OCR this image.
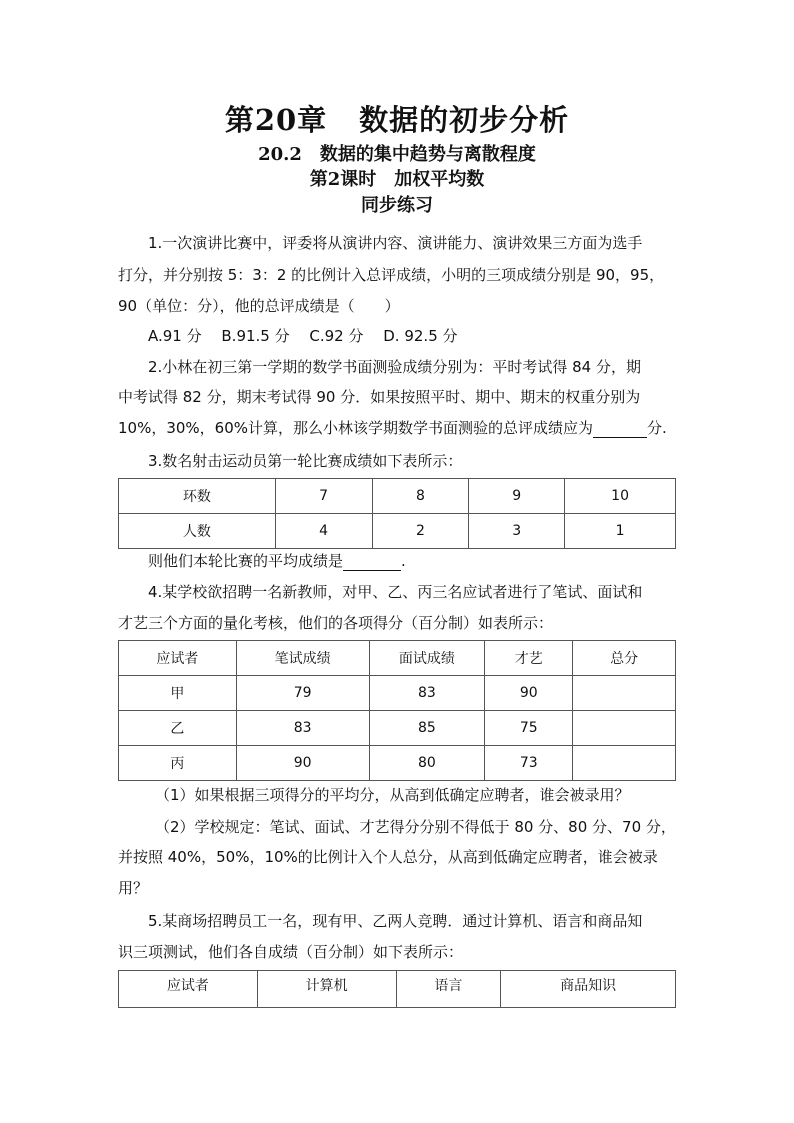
第20章 数据的初步分析
20.2 数据的集中趋势与离散程度
第2课时 加权平均数
同步练习
1.一次演讲比赛中，评委将从演讲内容、演讲能力、演讲效果三方面为选手
打分，并分别按 5：3：2 的比例计入总评成绩，小明的三项成绩分别是 90，95，
90（单位：分），他的总评成绩是（　　）
A.91 分　 B.91.5 分　 C.92 分　 D. 92.5 分
2.小林在初三第一学期的数学书面测验成绩分别为：平时考试得 84 分，期
中考试得 82 分，期末考试得 90 分．如果按照平时、期中、期末的权重分别为
10%，30%，60%计算，那么小林该学期数学书面测验的总评成绩应为	分.
3.数名射击运动员第一轮比赛成绩如下表所示：
环数	7	8	9	10
人数	4	2	3	1
则他们本轮比赛的平均成绩是	.
4.某学校欲招聘一名新教师，对甲、乙、丙三名应试者进行了笔试、面试和
才艺三个方面的量化考核，他们的各项得分（百分制）如表所示：
应试者	笔试成绩	面试成绩	才艺	总分
甲	79	83	90	
乙	83	85	75	
丙	90	80	73	
（1）如果根据三项得分的平均分，从高到低确定应聘者，谁会被录用？
（2）学校规定：笔试、面试、才艺得分分别不得低于 80 分、80 分、70 分，
并按照 40%，50%，10%的比例计入个人总分，从高到低确定应聘者，谁会被录
用？
5.某商场招聘员工一名，现有甲、乙两人竞聘．通过计算机、语言和商品知
识三项测试，他们各自成绩（百分制）如下表所示：
应试者	计算机	语言	商品知识
